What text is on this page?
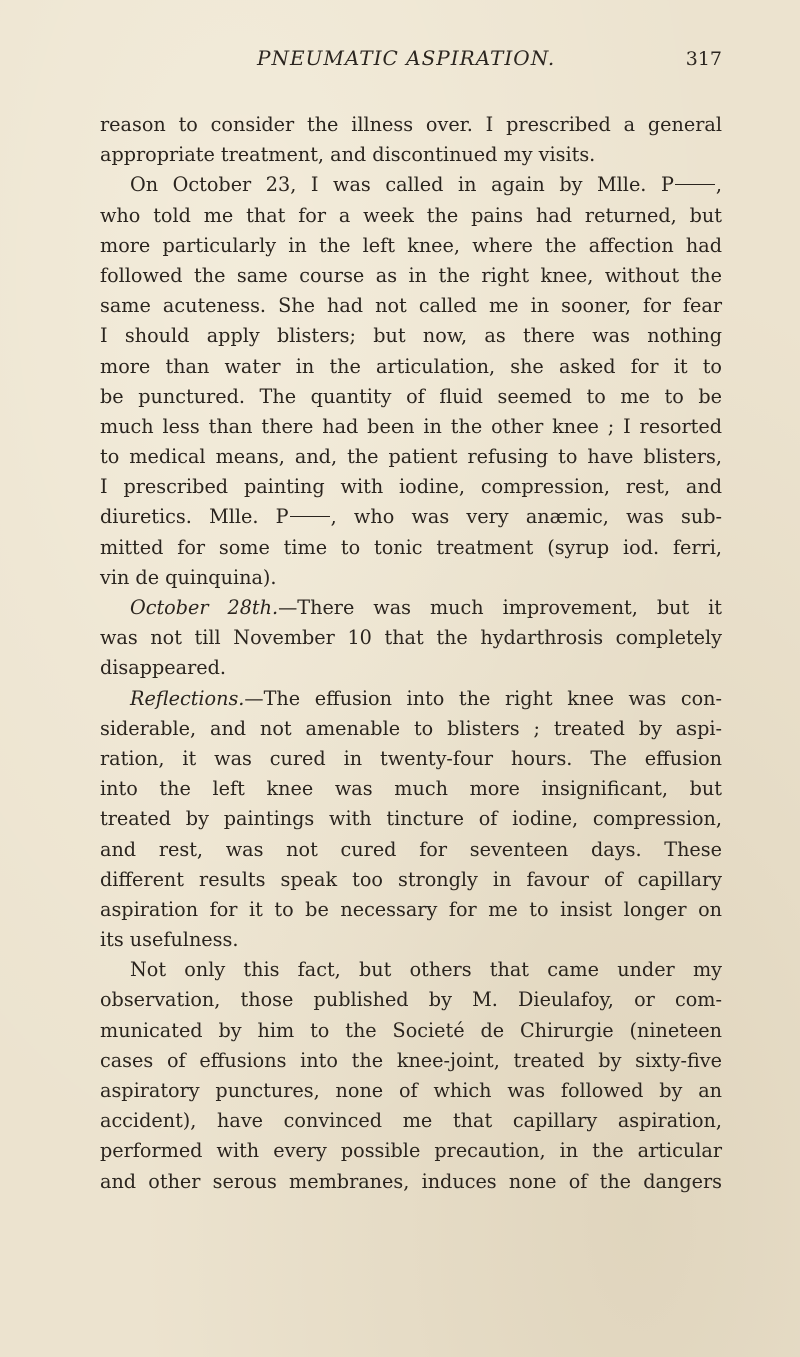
PNEUMATIC ASPIRATION.	317
reason to consider the illness over. I prescribed a general
appropriate treatment, and discontinued my visits.
On October 23, I was called in again by Mlle. P ,
who told me that for a week the pains had returned, but
more particularly in the left knee, where the affection had
followed the same course as in the right knee, without the
same acuteness. She had not called me in sooner, for fear
I should apply blisters; but now, as there was nothing
more than water in the articulation, she asked for it to
be punctured. The quantity of fluid seemed to me to be
much less than there had been in the other knee ; I resorted
to medical means, and, the patient refusing to have blisters,
I prescribed painting with iodine, compression, rest, and
diuretics. Mlle. P , who was very anæmic, was sub-
mitted for some time to tonic treatment (syrup iod. ferri,
vin de quinquina).
October 28th.—There was much improvement, but it
was not till November 10 that the hydarthrosis completely
disappeared.
Reflections.—The effusion into the right knee was con-
siderable, and not amenable to blisters ; treated by aspi-
ration, it was cured in twenty-four hours. The effusion
into the left knee was much more insignificant, but
treated by paintings with tincture of iodine, compression,
and rest, was not cured for seventeen days. These
different results speak too strongly in favour of capillary
aspiration for it to be necessary for me to insist longer on
its usefulness.
Not only this fact, but others that came under my
observation, those published by M. Dieulafoy, or com-
municated by him to the Societé de Chirurgie (nineteen
cases of effusions into the knee-joint, treated by sixty-five
aspiratory punctures, none of which was followed by an
accident), have convinced me that capillary aspiration,
performed with every possible precaution, in the articular
and other serous membranes, induces none of the dangers
